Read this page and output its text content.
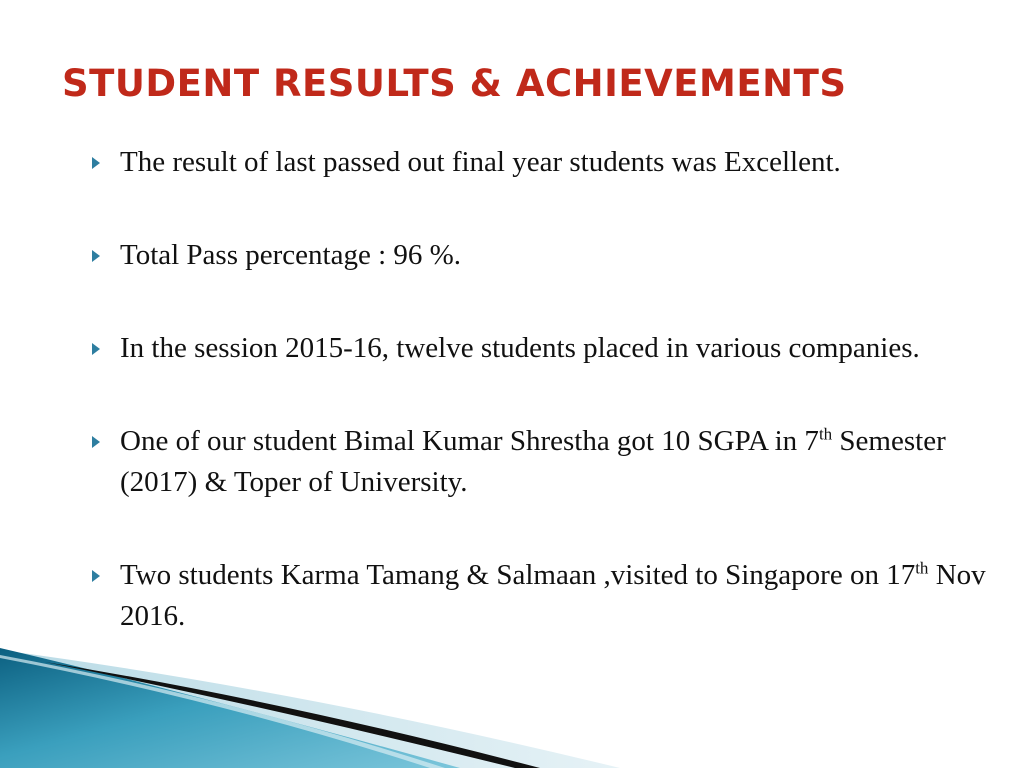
STUDENT RESULTS & ACHIEVEMENTS
The result of last passed out final year students was Excellent.
Total Pass percentage : 96 %.
In the session 2015-16, twelve students placed in various companies.
One of our student Bimal Kumar Shrestha got 10 SGPA in 7th Semester (2017) & Toper of University.
Two students Karma Tamang & Salmaan ,visited to Singapore on 17th Nov 2016.
